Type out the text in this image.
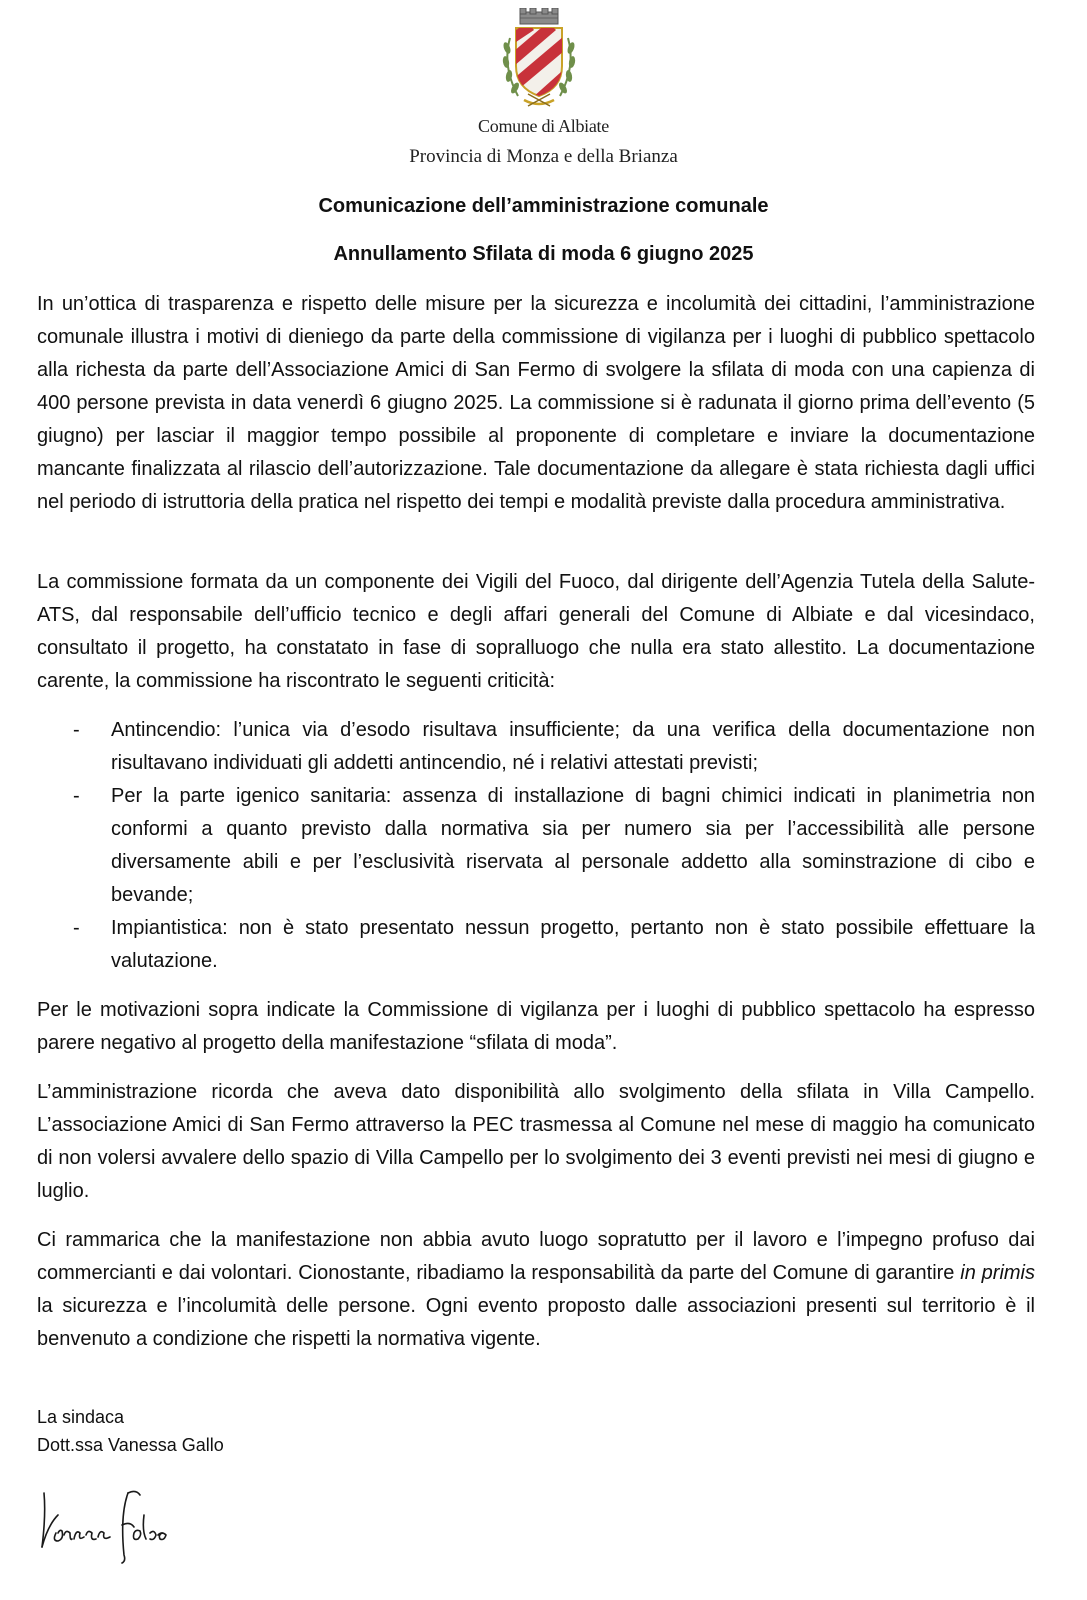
Comune di Albiate
Provincia di Monza e della Brianza
Comunicazione dell’amministrazione comunale
Annullamento Sfilata di moda 6 giugno 2025

In un’ottica di trasparenza e rispetto delle misure per la sicurezza e incolumità dei cittadini, l’amministrazione comunale illustra i motivi di dieniego da parte della commissione di vigilanza per i luoghi di pubblico spettacolo alla richesta da parte dell’Associazione Amici di San Fermo di svolgere la sfilata di moda con una capienza di 400 persone prevista in data venerdì 6 giugno 2025. La commissione si è radunata il giorno prima dell’evento (5 giugno) per lasciar il maggior tempo possibile al proponente di completare e inviare la documentazione mancante finalizzata al rilascio dell’autorizzazione. Tale documentazione da allegare è stata richiesta dagli uffici nel periodo di istruttoria della pratica nel rispetto dei tempi e modalità previste dalla procedura amministrativa.

La commissione formata da un componente dei Vigili del Fuoco, dal dirigente dell’Agenzia Tutela della Salute-ATS, dal responsabile dell’ufficio tecnico e degli affari generali del Comune di Albiate e dal vicesindaco, consultato il progetto, ha constatato in fase di sopralluogo che nulla era stato allestito. La documentazione carente, la commissione ha riscontrato le seguenti criticità:

- Antincendio: l’unica via d’esodo risultava insufficiente; da una verifica della documentazione non risultavano individuati gli addetti antincendio, né i relativi attestati previsti;
- Per la parte igenico sanitaria: assenza di installazione di bagni chimici indicati in planimetria non conformi a quanto previsto dalla normativa sia per numero sia per l’accessibilità alle persone diversamente abili e per l’esclusività riservata al personale addetto alla sominstrazione di cibo e bevande;
- Impiantistica: non è stato presentato nessun progetto, pertanto non è stato possibile effettuare la valutazione.

Per le motivazioni sopra indicate la Commissione di vigilanza per i luoghi di pubblico spettacolo ha espresso parere negativo al progetto della manifestazione “sfilata di moda”.

L’amministrazione ricorda che aveva dato disponibilità allo svolgimento della sfilata in Villa Campello. L’associazione Amici di San Fermo attraverso la PEC trasmessa al Comune nel mese di maggio ha comunicato di non volersi avvalere dello spazio di Villa Campello per lo svolgimento dei 3 eventi previsti nei mesi di giugno e luglio.

Ci rammarica che la manifestazione non abbia avuto luogo sopratutto per il lavoro e l’impegno profuso dai commercianti e dai volontari. Cionostante, ribadiamo la responsabilità da parte del Comune di garantire in primis la sicurezza e l’incolumità delle persone. Ogni evento proposto dalle associazioni presenti sul territorio è il benvenuto a condizione che rispetti la normativa vigente.

La sindaca
Dott.ssa Vanessa Gallo
